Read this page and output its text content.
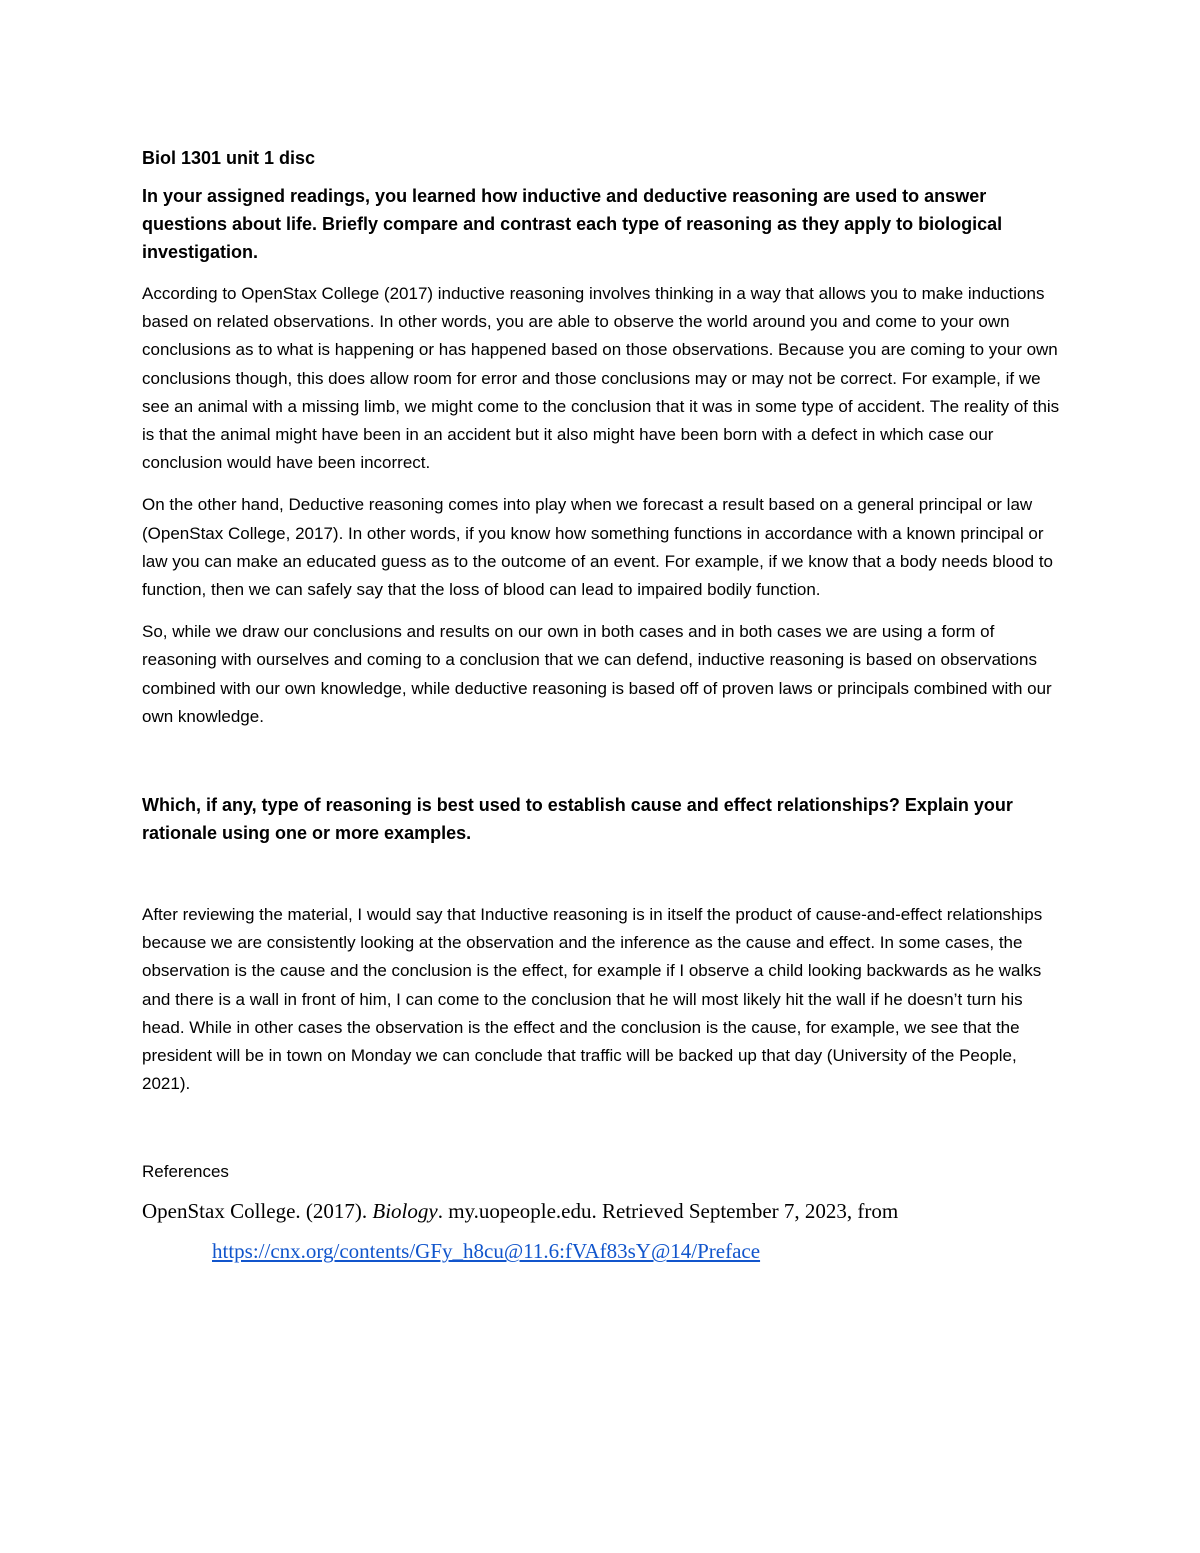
Biol 1301 unit 1 disc

In your assigned readings, you learned how inductive and deductive reasoning are used to answer questions about life. Briefly compare and contrast each type of reasoning as they apply to biological investigation.

According to OpenStax College (2017) inductive reasoning involves thinking in a way that allows you to make inductions based on related observations. In other words, you are able to observe the world around you and come to your own conclusions as to what is happening or has happened based on those observations. Because you are coming to your own conclusions though, this does allow room for error and those conclusions may or may not be correct. For example, if we see an animal with a missing limb, we might come to the conclusion that it was in some type of accident. The reality of this is that the animal might have been in an accident but it also might have been born with a defect in which case our conclusion would have been incorrect.

On the other hand, Deductive reasoning comes into play when we forecast a result based on a general principal or law (OpenStax College, 2017). In other words, if you know how something functions in accordance with a known principal or law you can make an educated guess as to the outcome of an event. For example, if we know that a body needs blood to function, then we can safely say that the loss of blood can lead to impaired bodily function.

So, while we draw our conclusions and results on our own in both cases and in both cases we are using a form of reasoning with ourselves and coming to a conclusion that we can defend, inductive reasoning is based on observations combined with our own knowledge, while deductive reasoning is based off of proven laws or principals combined with our own knowledge.

Which, if any, type of reasoning is best used to establish cause and effect relationships? Explain your rationale using one or more examples.

After reviewing the material, I would say that Inductive reasoning is in itself the product of cause-and-effect relationships because we are consistently looking at the observation and the inference as the cause and effect. In some cases, the observation is the cause and the conclusion is the effect, for example if I observe a child looking backwards as he walks and there is a wall in front of him, I can come to the conclusion that he will most likely hit the wall if he doesn’t turn his head. While in other cases the observation is the effect and the conclusion is the cause, for example, we see that the president will be in town on Monday we can conclude that traffic will be backed up that day (University of the People, 2021).

References

OpenStax College. (2017). Biology. my.uopeople.edu. Retrieved September 7, 2023, from

https://cnx.org/contents/GFy_h8cu@11.6:fVAf83sY@14/Preface
